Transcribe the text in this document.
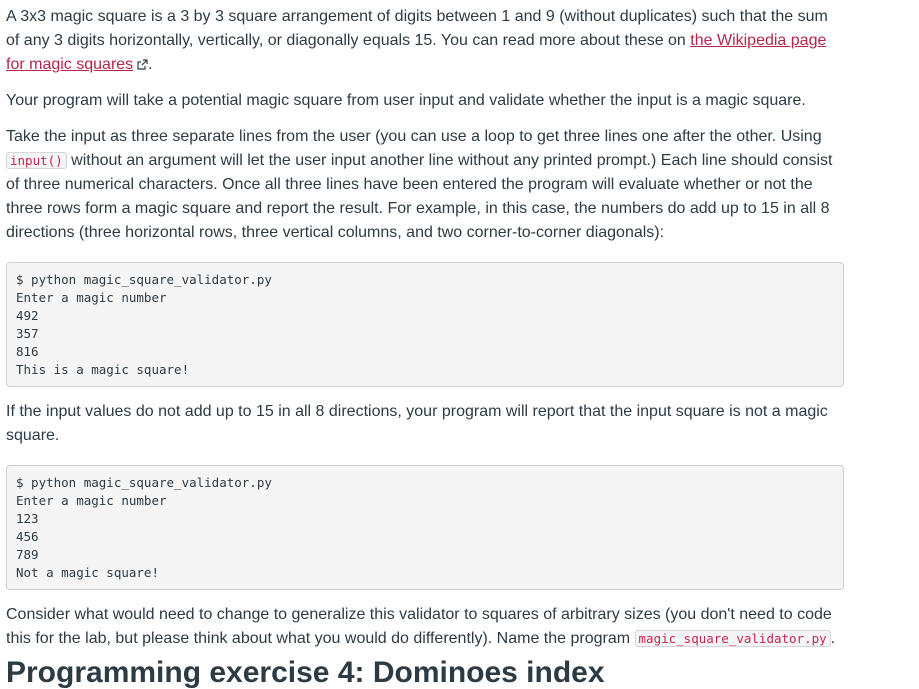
A 3x3 magic square is a 3 by 3 square arrangement of digits between 1 and 9 (without duplicates) such that the sum of any 3 digits horizontally, vertically, or diagonally equals 15. You can read more about these on the Wikipedia page for magic squares .

Your program will take a potential magic square from user input and validate whether the input is a magic square.

Take the input as three separate lines from the user (you can use a loop to get three lines one after the other. Using input() without an argument will let the user input another line without any printed prompt.) Each line should consist of three numerical characters. Once all three lines have been entered the program will evaluate whether or not the three rows form a magic square and report the result. For example, in this case, the numbers do add up to 15 in all 8 directions (three horizontal rows, three vertical columns, and two corner-to-corner diagonals):

$ python magic_square_validator.py
Enter a magic number
492
357
816
This is a magic square!

If the input values do not add up to 15 in all 8 directions, your program will report that the input square is not a magic square.

$ python magic_square_validator.py
Enter a magic number
123
456
789
Not a magic square!

Consider what would need to change to generalize this validator to squares of arbitrary sizes (you don't need to code this for the lab, but please think about what you would do differently). Name the program magic_square_validator.py .

Programming exercise 4: Dominoes index
